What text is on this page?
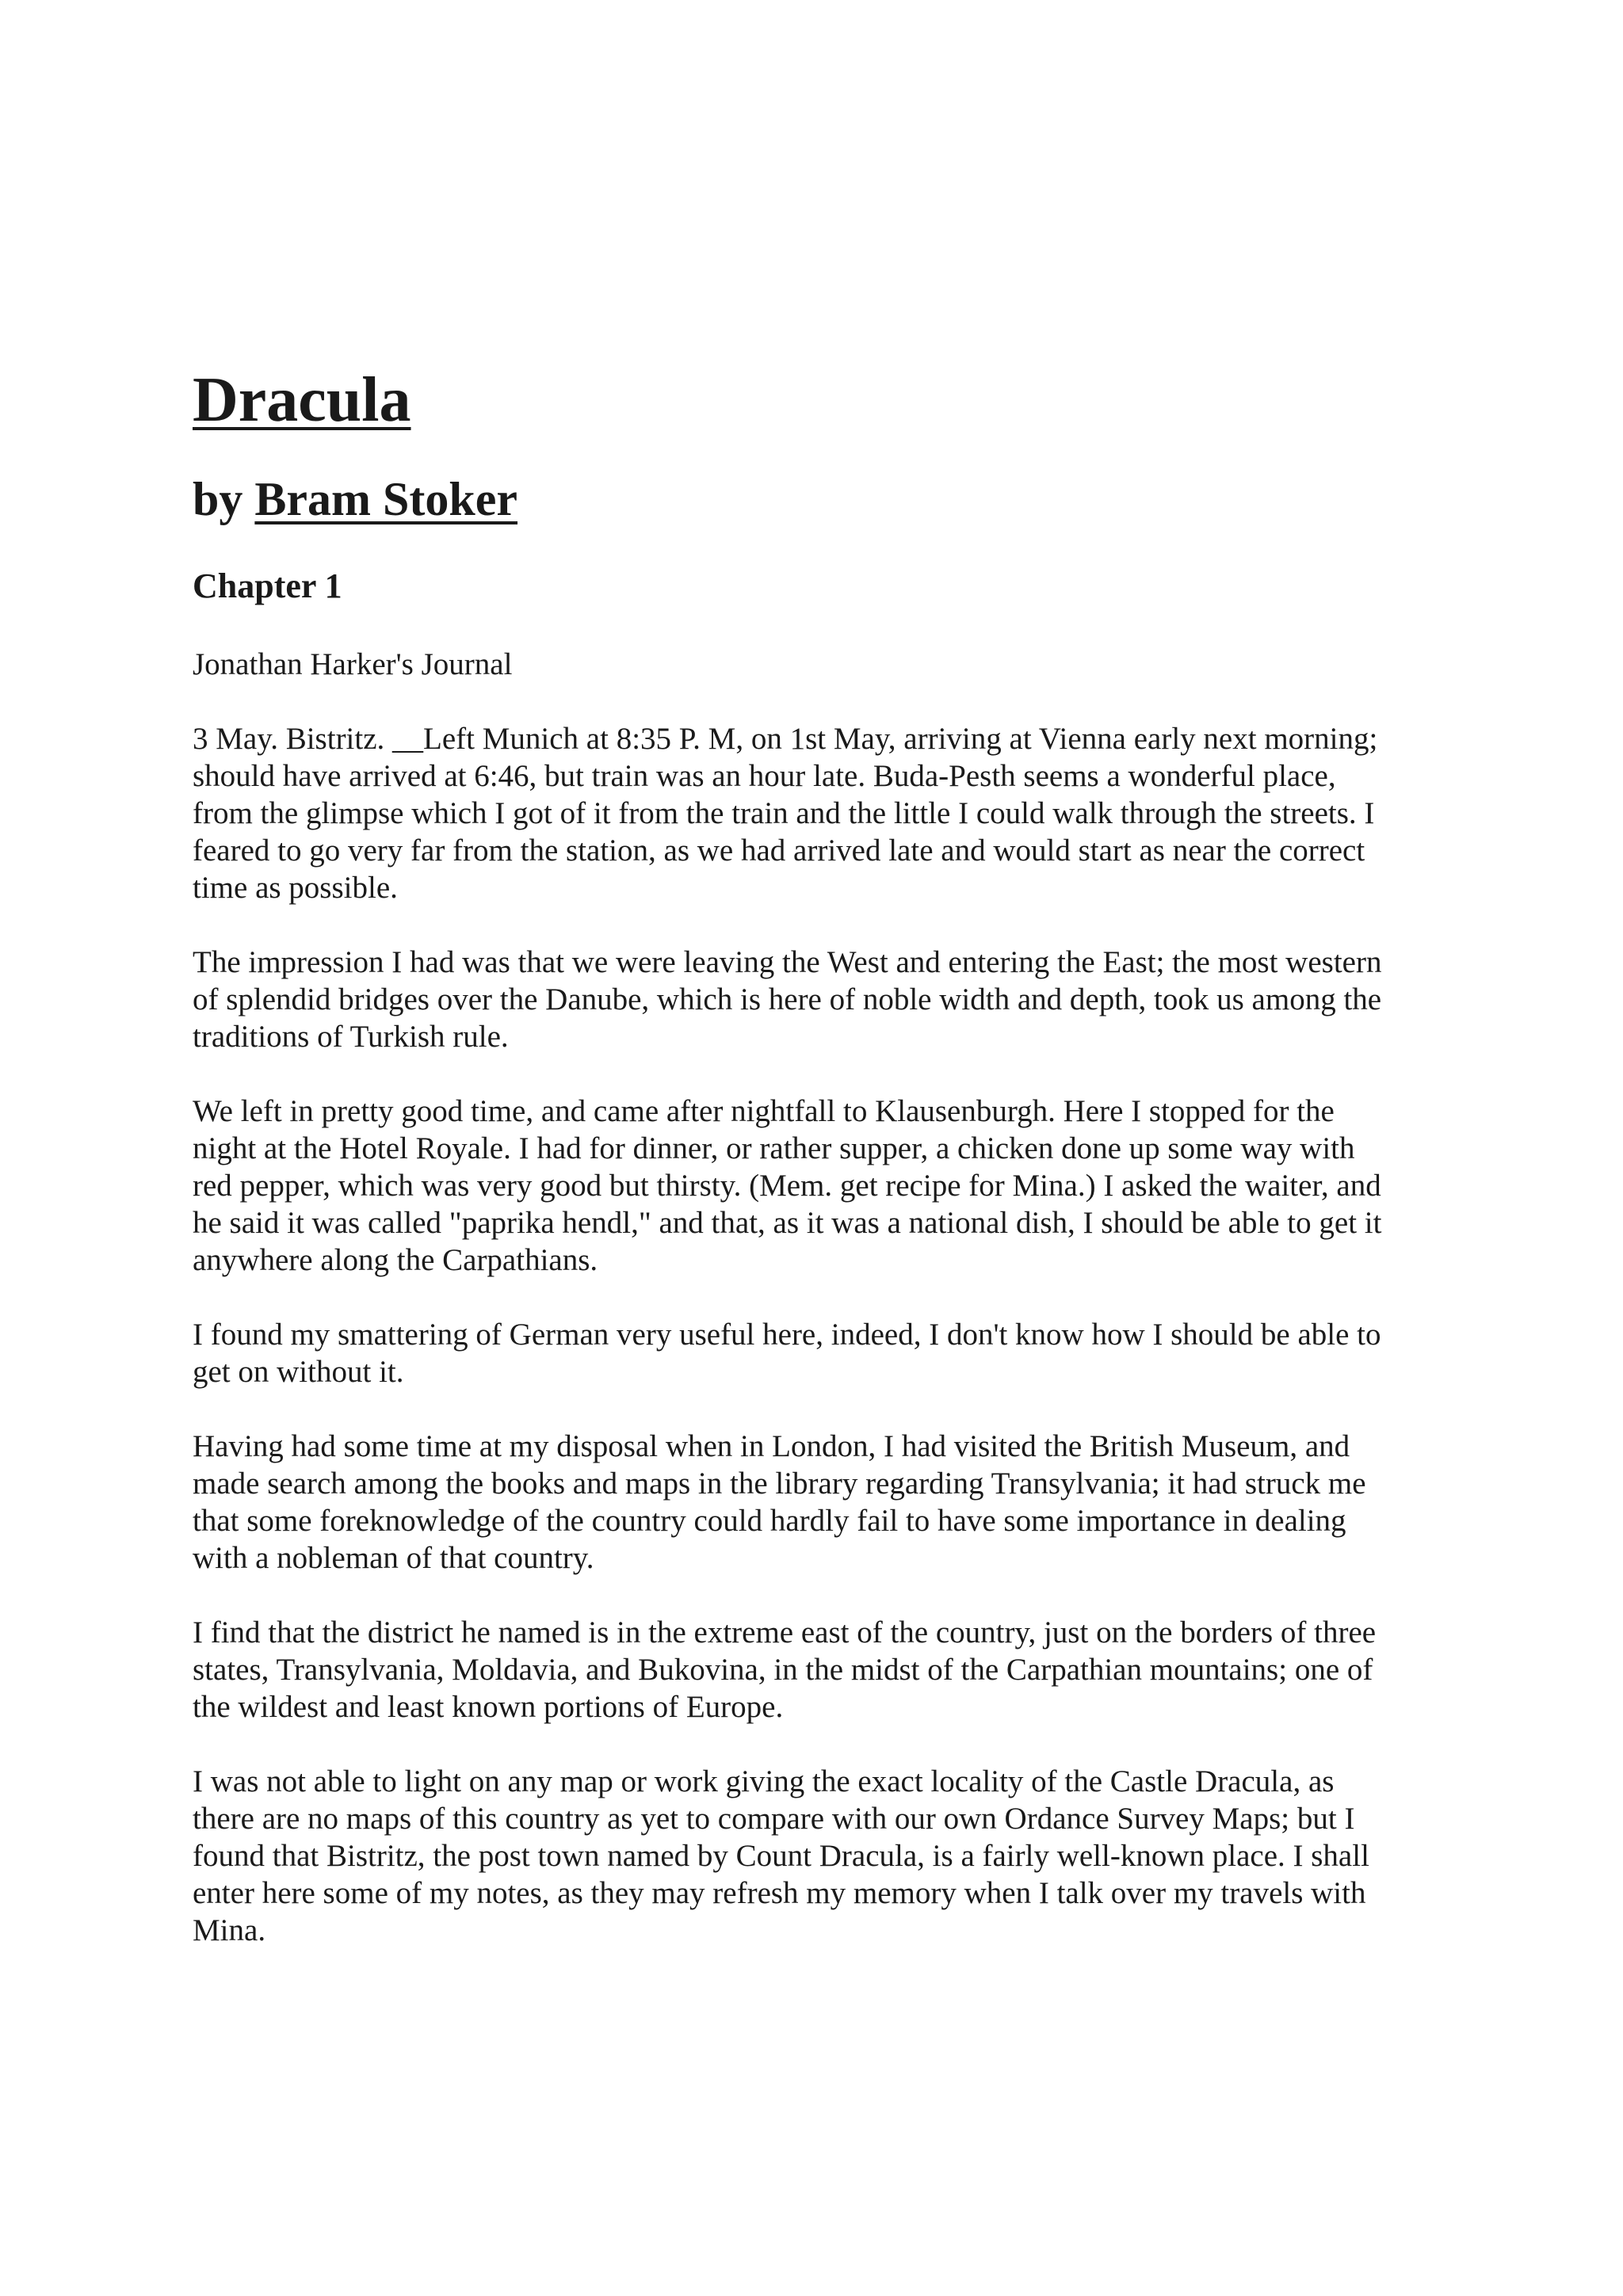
Dracula
by Bram Stoker
Chapter 1

Jonathan Harker's Journal

3 May. Bistritz. __Left Munich at 8:35 P. M, on 1st May, arriving at Vienna early next morning;
should have arrived at 6:46, but train was an hour late. Buda-Pesth seems a wonderful place,
from the glimpse which I got of it from the train and the little I could walk through the streets. I
feared to go very far from the station, as we had arrived late and would start as near the correct
time as possible.

The impression I had was that we were leaving the West and entering the East; the most western
of splendid bridges over the Danube, which is here of noble width and depth, took us among the
traditions of Turkish rule.

We left in pretty good time, and came after nightfall to Klausenburgh. Here I stopped for the
night at the Hotel Royale. I had for dinner, or rather supper, a chicken done up some way with
red pepper, which was very good but thirsty. (Mem. get recipe for Mina.) I asked the waiter, and
he said it was called "paprika hendl," and that, as it was a national dish, I should be able to get it
anywhere along the Carpathians.

I found my smattering of German very useful here, indeed, I don't know how I should be able to
get on without it.

Having had some time at my disposal when in London, I had visited the British Museum, and
made search among the books and maps in the library regarding Transylvania; it had struck me
that some foreknowledge of the country could hardly fail to have some importance in dealing
with a nobleman of that country.

I find that the district he named is in the extreme east of the country, just on the borders of three
states, Transylvania, Moldavia, and Bukovina, in the midst of the Carpathian mountains; one of
the wildest and least known portions of Europe.

I was not able to light on any map or work giving the exact locality of the Castle Dracula, as
there are no maps of this country as yet to compare with our own Ordance Survey Maps; but I
found that Bistritz, the post town named by Count Dracula, is a fairly well-known place. I shall
enter here some of my notes, as they may refresh my memory when I talk over my travels with
Mina.
